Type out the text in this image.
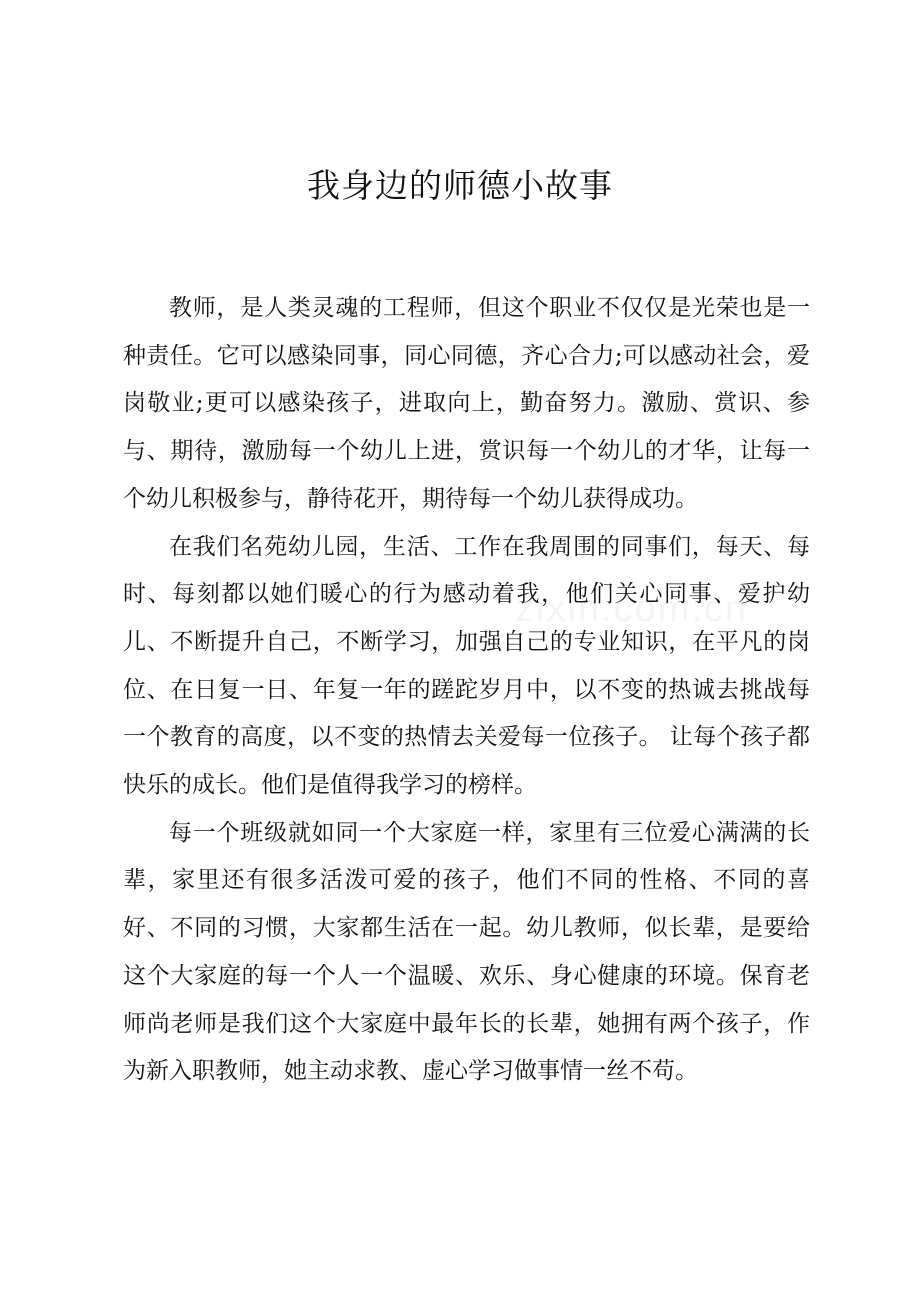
我身边的师德小故事

教师，是人类灵魂的工程师，但这个职业不仅仅是光荣也是一种责任。它可以感染同事，同心同德，齐心合力;可以感动社会，爱岗敬业;更可以感染孩子，进取向上，勤奋努力。激励、赏识、参与、期待，激励每一个幼儿上进，赏识每一个幼儿的才华，让每一个幼儿积极参与，静待花开，期待每一个幼儿获得成功。

在我们名苑幼儿园，生活、工作在我周围的同事们，每天、每时、每刻都以她们暖心的行为感动着我，他们关心同事、爱护幼儿、不断提升自己，不断学习，加强自己的专业知识，在平凡的岗位、在日复一日、年复一年的蹉跎岁月中，以不变的热诚去挑战每一个教育的高度，以不变的热情去关爱每一位孩子。 让每个孩子都快乐的成长。他们是值得我学习的榜样。

每一个班级就如同一个大家庭一样，家里有三位爱心满满的长辈，家里还有很多活泼可爱的孩子，他们不同的性格、不同的喜好、不同的习惯，大家都生活在一起。幼儿教师，似长辈，是要给这个大家庭的每一个人一个温暖、欢乐、身心健康的环境。保育老师尚老师是我们这个大家庭中最年长的长辈，她拥有两个孩子，作为新入职教师，她主动求教、虚心学习做事情一丝不苟。
